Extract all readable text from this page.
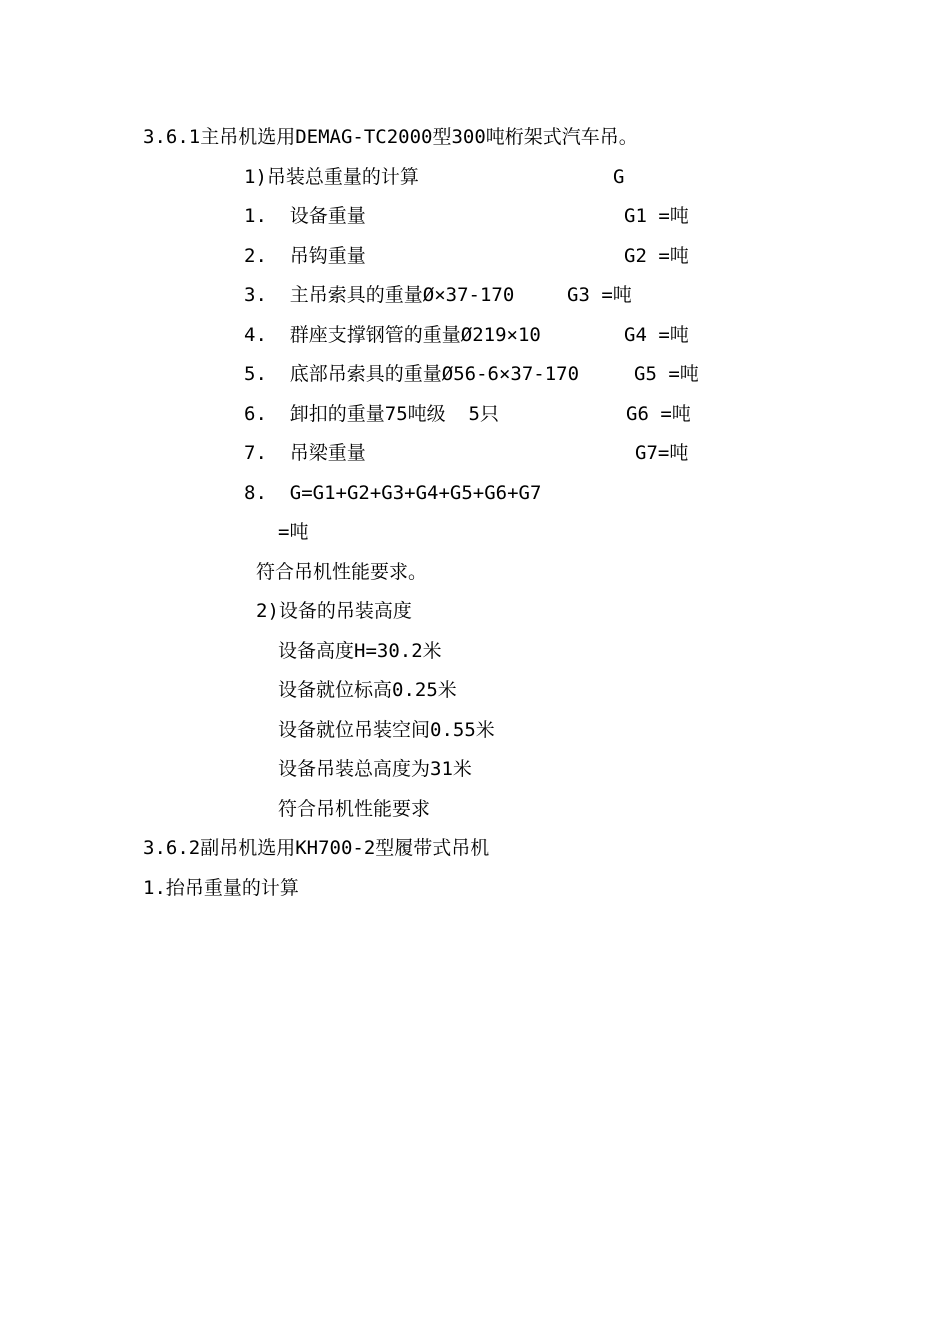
3.6.1主吊机选用DEMAG-TC2000型300吨桁架式汽车吊。
1)吊装总重量的计算	G
1.  设备重量	G1 =吨
2.  吊钩重量	G2 =吨
3.  主吊索具的重量Ø×37-170	G3 =吨
4.  群座支撑钢管的重量Ø219×10	G4 =吨
5.  底部吊索具的重量Ø56-6×37-170	G5 =吨
6.  卸扣的重量75吨级  5只	G6 =吨
7.  吊梁重量	G7=吨
8.  G=G1+G2+G3+G4+G5+G6+G7
=吨
符合吊机性能要求。
2)设备的吊装高度
设备高度H=30.2米
设备就位标高0.25米
设备就位吊装空间0.55米
设备吊装总高度为31米
符合吊机性能要求
3.6.2副吊机选用KH700-2型履带式吊机
1.抬吊重量的计算
